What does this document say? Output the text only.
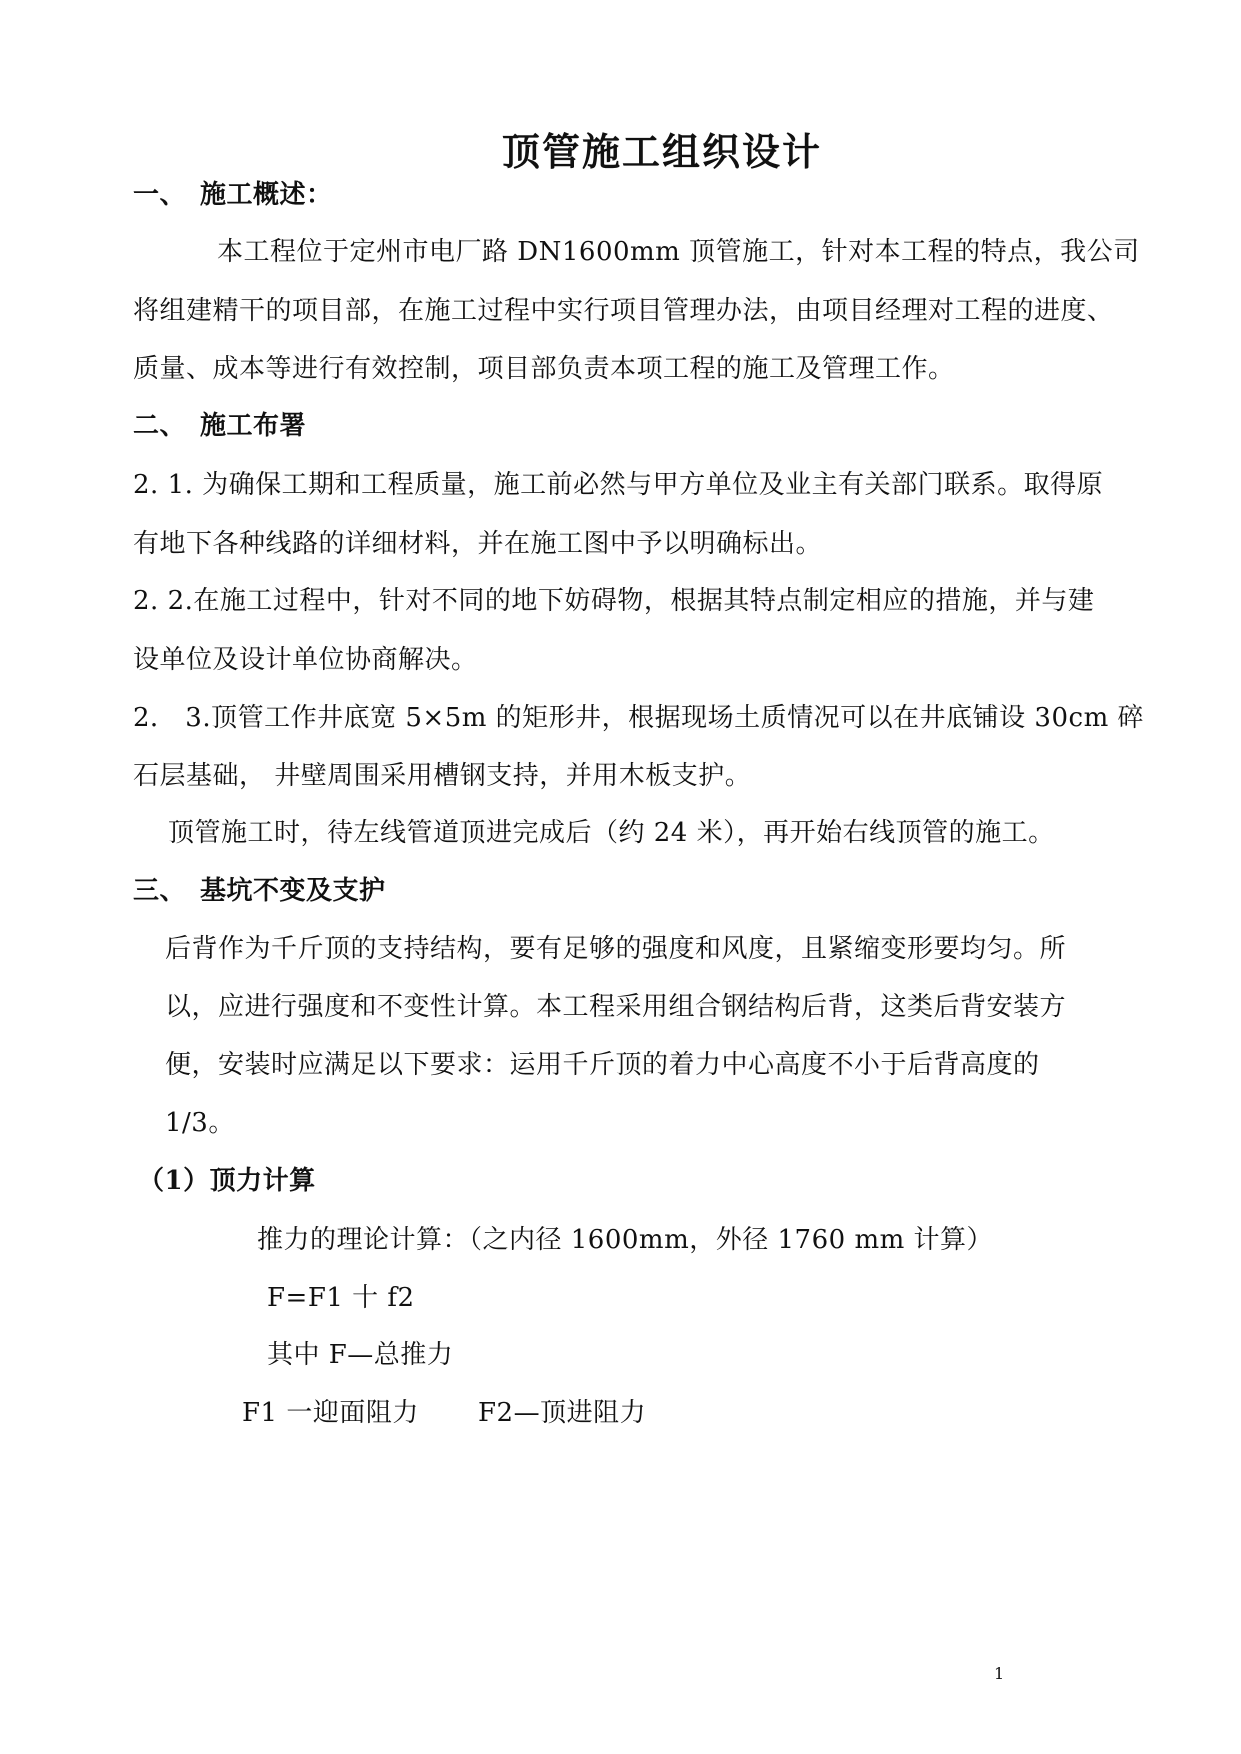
顶管施工组织设计
一、 施工概述：
本工程位于定州市电厂路 DN1600mm 顶管施工，针对本工程的特点，我公司
将组建精干的项目部，在施工过程中实行项目管理办法，由项目经理对工程的进度、
质量、成本等进行有效控制，项目部负责本项工程的施工及管理工作。
二、 施工布署
2. 1. 为确保工期和工程质量，施工前必然与甲方单位及业主有关部门联系。取得原
有地下各种线路的详细材料，并在施工图中予以明确标出。
2. 2.在施工过程中，针对不同的地下妨碍物，根据其特点制定相应的措施，并与建
设单位及设计单位协商解决。
2． 3.顶管工作井底宽 5×5m 的矩形井，根据现场土质情况可以在井底铺设 30cm 碎
石层基础， 井壁周围采用槽钢支持，并用木板支护。
顶管施工时，待左线管道顶进完成后（约 24 米），再开始右线顶管的施工。
三、 基坑不变及支护
后背作为千斤顶的支持结构，要有足够的强度和风度，且紧缩变形要均匀。所
以，应进行强度和不变性计算。本工程采用组合钢结构后背，这类后背安装方
便，安装时应满足以下要求：运用千斤顶的着力中心高度不小于后背高度的
1/3。
（1）顶力计算
推力的理论计算：（之内径 1600mm，外径 1760 mm 计算）
F=F1 十 f2
其中 F—总推力
F1 一迎面阻力 F2—顶进阻力
1
